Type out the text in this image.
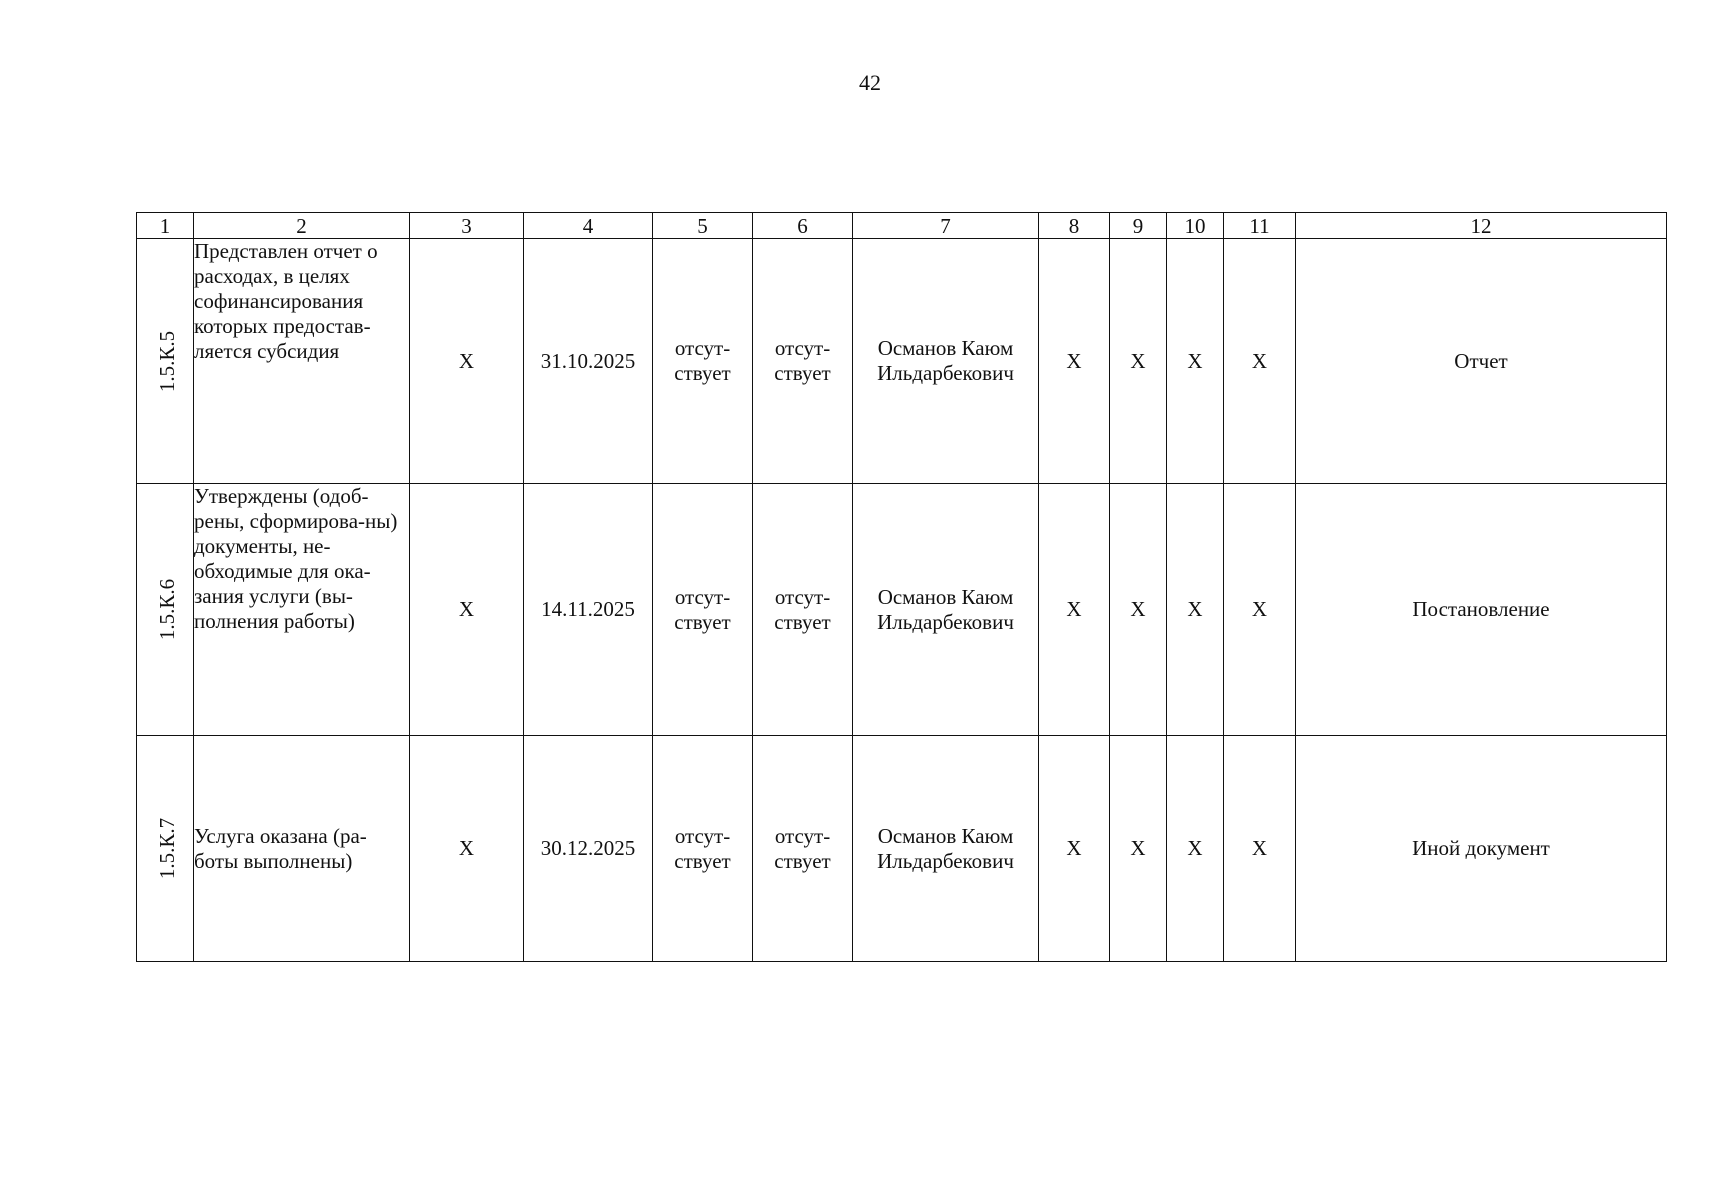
42
1	2	3	4	5	6	7	8	9	10	11	12
1.5.К.5	Представлен отчет о расходах, в целях софинансирования которых предостав-ляется субсидия	Х	31.10.2025	отсут-ствует	отсут-ствует	Османов Каюм Ильдарбекович	Х	Х	Х	Х	Отчет
1.5.К.6	Утверждены (одоб-рены, сформирова-ны) документы, не-обходимые для ока-зания услуги (вы-полнения работы)	Х	14.11.2025	отсут-ствует	отсут-ствует	Османов Каюм Ильдарбекович	Х	Х	Х	Х	Постановление
1.5.К.7	Услуга оказана (ра-боты выполнены)	Х	30.12.2025	отсут-ствует	отсут-ствует	Османов Каюм Ильдарбекович	Х	Х	Х	Х	Иной документ
